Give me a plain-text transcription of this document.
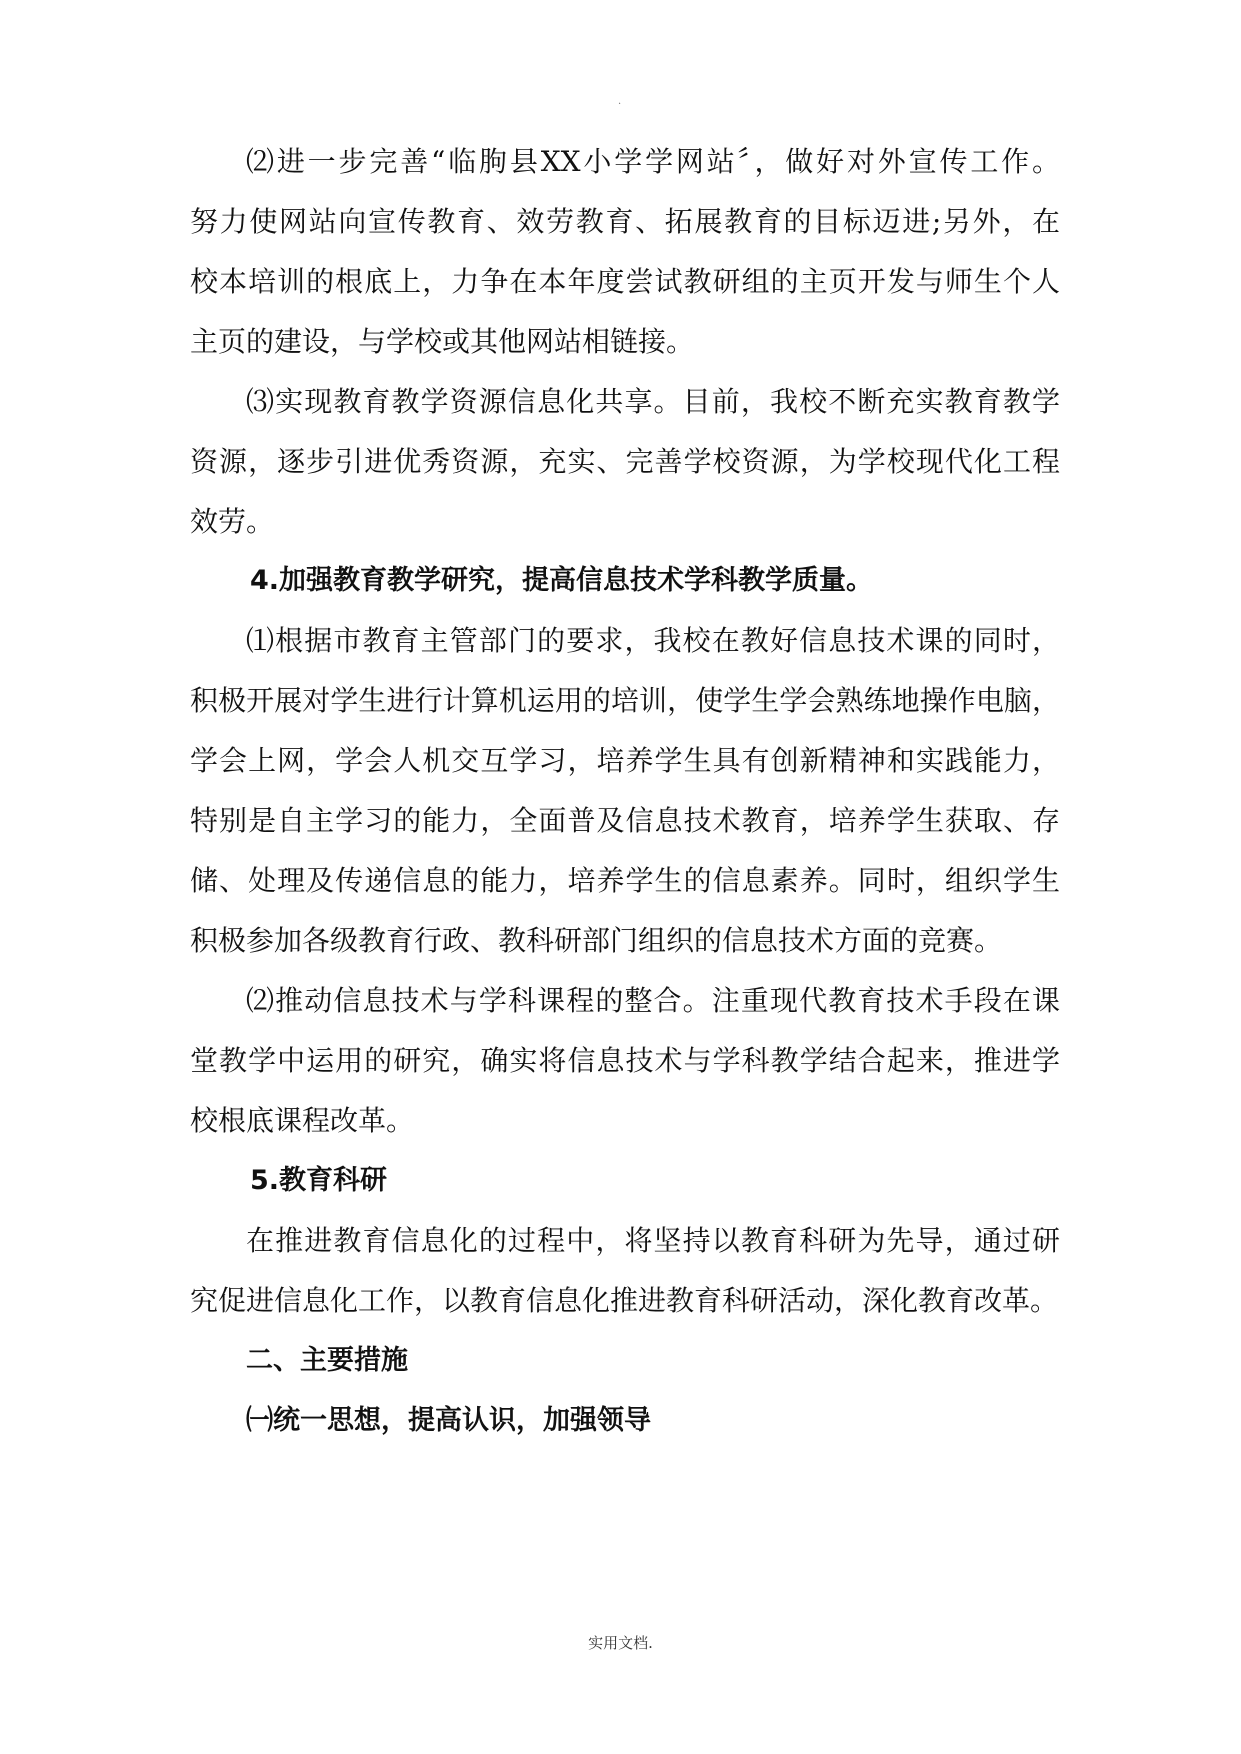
.
⑵进一步完善“临朐县XX小学学网站〞，做好对外宣传工作。
努力使网站向宣传教育、效劳教育、拓展教育的目标迈进;另外，在
校本培训的根底上，力争在本年度尝试教研组的主页开发与师生个人
主页的建设，与学校或其他网站相链接。
⑶实现教育教学资源信息化共享。目前，我校不断充实教育教学
资源，逐步引进优秀资源，充实、完善学校资源，为学校现代化工程
效劳。
4.加强教育教学研究，提高信息技术学科教学质量。
⑴根据市教育主管部门的要求，我校在教好信息技术课的同时，
积极开展对学生进行计算机运用的培训，使学生学会熟练地操作电脑，
学会上网，学会人机交互学习，培养学生具有创新精神和实践能力，
特别是自主学习的能力，全面普及信息技术教育，培养学生获取、存
储、处理及传递信息的能力，培养学生的信息素养。同时，组织学生
积极参加各级教育行政、教科研部门组织的信息技术方面的竞赛。
⑵推动信息技术与学科课程的整合。注重现代教育技术手段在课
堂教学中运用的研究，确实将信息技术与学科教学结合起来，推进学
校根底课程改革。
5.教育科研
在推进教育信息化的过程中，将坚持以教育科研为先导，通过研
究促进信息化工作，以教育信息化推进教育科研活动，深化教育改革。
二、主要措施
㈠统一思想，提高认识，加强领导
实用文档.
